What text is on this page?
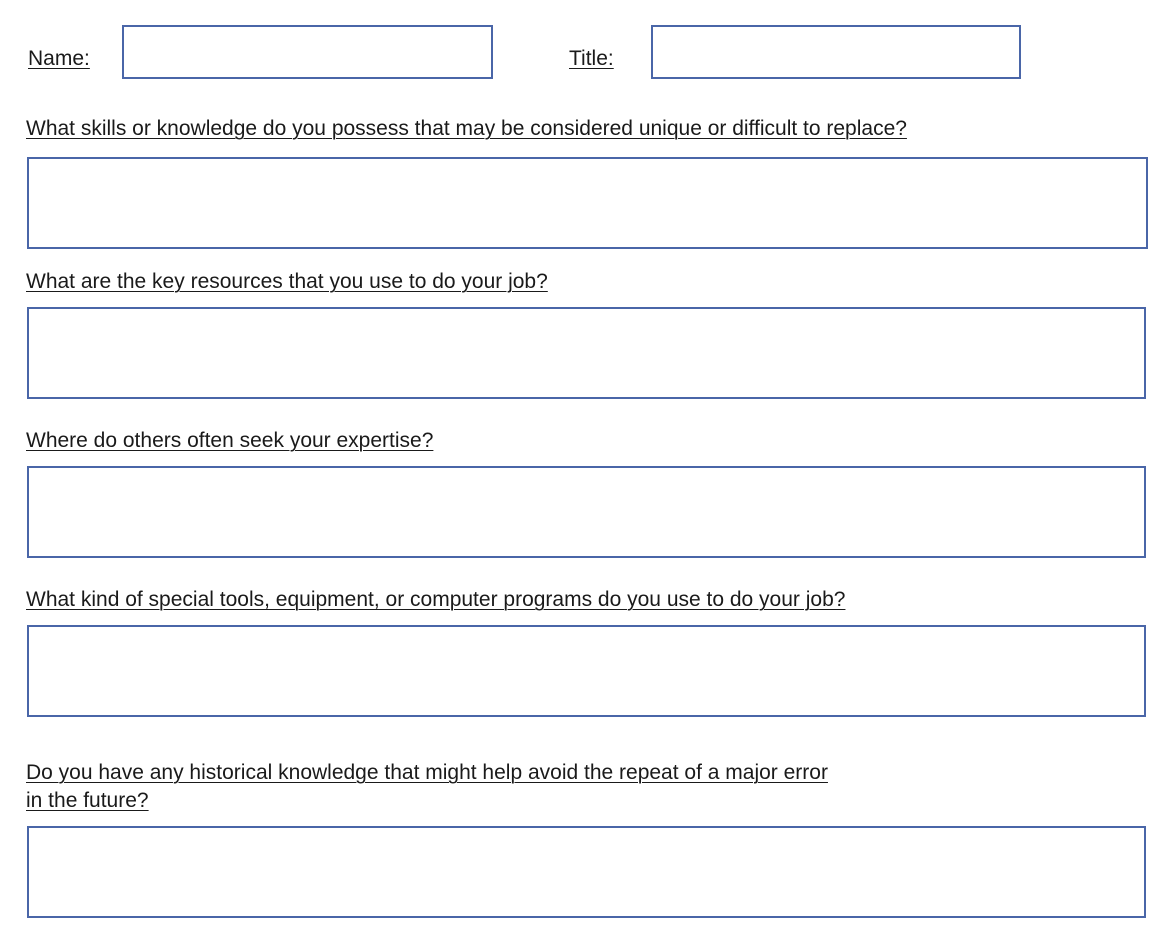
Name:	Title:
What skills or knowledge do you possess that may be considered unique or difficult to replace?
What are the key resources that you use to do your job?
Where do others often seek your expertise?
What kind of special tools, equipment, or computer programs do you use to do your job?
Do you have any historical knowledge that might help avoid the repeat of a major error
in the future?
